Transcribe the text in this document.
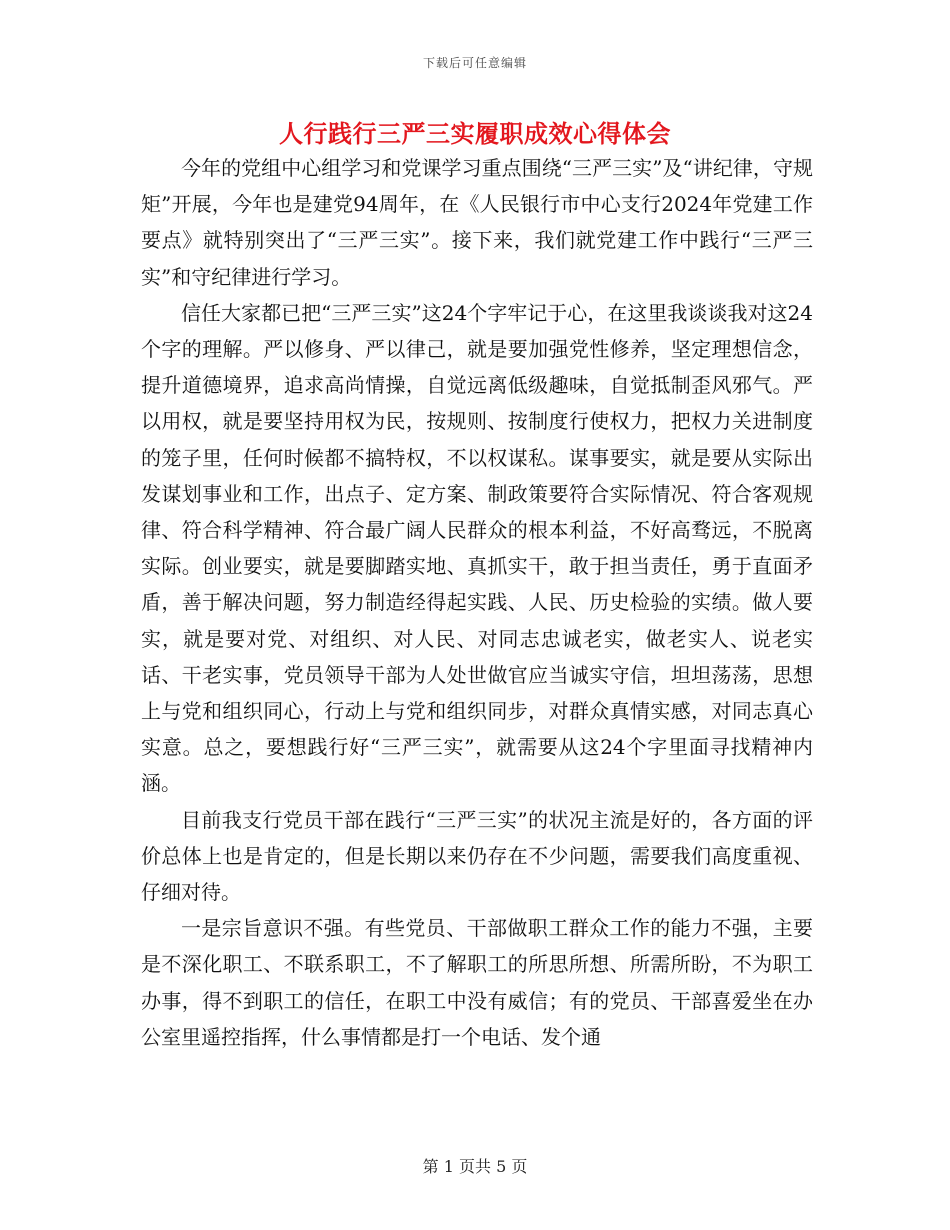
下载后可任意编辑
人行践行三严三实履职成效心得体会

今年的党组中心组学习和党课学习重点围绕“三严三实”及“讲纪律，守规矩”开展，今年也是建党94周年，在《人民银行市中心支行2024年党建工作要点》就特别突出了“三严三实”。接下来，我们就党建工作中践行“三严三实”和守纪律进行学习。

信任大家都已把“三严三实”这24个字牢记于心，在这里我谈谈我对这24个字的理解。严以修身、严以律己，就是要加强党性修养，坚定理想信念，提升道德境界，追求高尚情操，自觉远离低级趣味，自觉抵制歪风邪气。严以用权，就是要坚持用权为民，按规则、按制度行使权力，把权力关进制度的笼子里，任何时候都不搞特权，不以权谋私。谋事要实，就是要从实际出发谋划事业和工作，出点子、定方案、制政策要符合实际情况、符合客观规律、符合科学精神、符合最广阔人民群众的根本利益，不好高骛远，不脱离实际。创业要实，就是要脚踏实地、真抓实干，敢于担当责任，勇于直面矛盾，善于解决问题，努力制造经得起实践、人民、历史检验的实绩。做人要实，就是要对党、对组织、对人民、对同志忠诚老实，做老实人、说老实话、干老实事，党员领导干部为人处世做官应当诚实守信，坦坦荡荡，思想上与党和组织同心，行动上与党和组织同步，对群众真情实感，对同志真心实意。总之，要想践行好“三严三实”，就需要从这24个字里面寻找精神内涵。

目前我支行党员干部在践行“三严三实”的状况主流是好的，各方面的评价总体上也是肯定的，但是长期以来仍存在不少问题，需要我们高度重视、仔细对待。

一是宗旨意识不强。有些党员、干部做职工群众工作的能力不强，主要是不深化职工、不联系职工，不了解职工的所思所想、所需所盼，不为职工办事，得不到职工的信任，在职工中没有威信；有的党员、干部喜爱坐在办公室里遥控指挥，什么事情都是打一个电话、发个通

第 1 页共 5 页
